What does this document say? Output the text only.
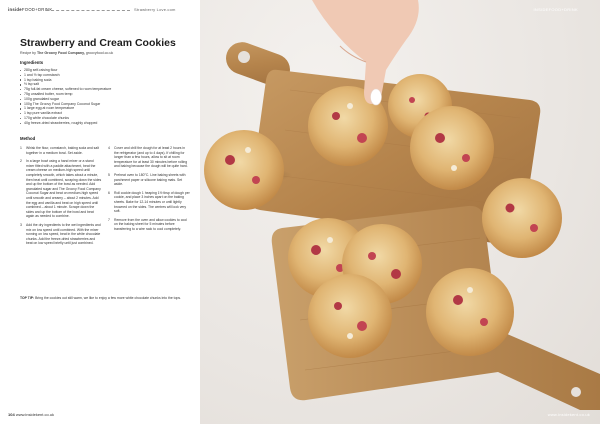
insideFOOD+DRINK	Strawberry Love.com
Strawberry and Cream Cookies
Recipe by The Groovy Food Company, groovyfood.co.uk
Ingredients
280g self-raising flour
1 and ½ tsp cornstarch
1 tsp baking soda
½ tsp salt
75g full-fat cream cheese, softened to room temperature
75g unsalted butter, room temp
100g granulated sugar
100g The Groovy Food Company Coconut Sugar
1 large egg at room temperature
1 tsp pure vanilla extract
170g white chocolate chunks
40g freeze-dried strawberries, roughly chopped
Method
1 Whisk the flour, cornstarch, baking soda and salt together in a medium bowl. Set aside.
2 In a large bowl using a hand mixer or a stand mixer fitted with a paddle attachment, beat the cream cheese on medium-high speed until completely smooth, which takes about a minute, then beat until combined, scraping down the sides and up the bottom of the bowl as needed. Add granulated sugar and The Groovy Food Company Coconut Sugar and beat on medium-high speed until smooth and creamy – about 2 minutes. Add the egg and vanilla and beat on high speed until combined – about 1 minute. Scrape down the sides and up the bottom of the bowl and beat again as needed to combine.
3 Add the dry ingredients to the wet ingredients and mix on low speed until combined. With the mixer running on low speed, beat in the white chocolate chunks. Add the freeze-dried strawberries and beat on low speed briefly until just combined.
4 Cover and chill the dough for at least 2 hours in the refrigerator (and up to 4 days). If chilling for longer than a few hours, allow to sit at room temperature for at least 30 minutes before rolling and baking because the dough will be quite hard.
5 Preheat oven to 180°C. Line baking sheets with parchment paper or silicone baking mats. Set aside.
6 Roll cookie dough 1 heaping 1½ tbsp of dough per cookie, and place 3 inches apart on the baking sheets. Bake for 12-14 minutes or until lightly browned on the sides. The centres will look very soft.
7 Remove from the oven and allow cookies to cool on the baking sheet for 5 minutes before transferring to a wire rack to cool completely.

TOP TIP: Bring the cookies out still warm, we like to enjoy a few more white chocolate chunks into the tops.

104 www.insidekent.co.uk
INSIDEFOOD+DRINK
www.insidekent.co.uk
